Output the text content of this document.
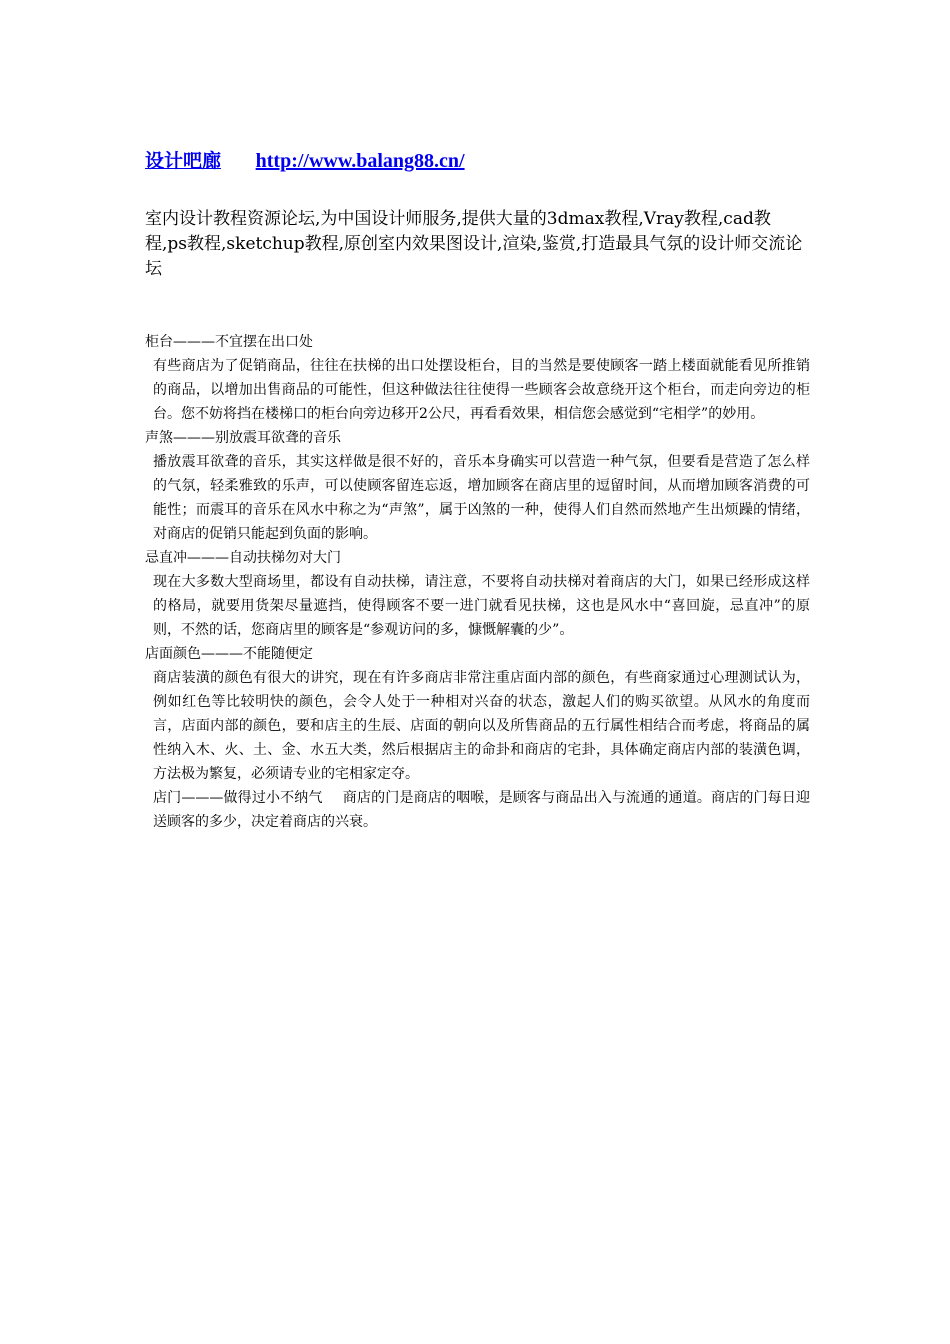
设计吧廊 http://www.balang88.cn/
室内设计教程资源论坛,为中国设计师服务,提供大量的3dmax教程,Vray教程,cad教程,ps教程,sketchup教程,原创室内效果图设计,渲染,鉴赏,打造最具气氛的设计师交流论坛

柜台———不宜摆在出口处

有些商店为了促销商品，往往在扶梯的出口处摆设柜台，目的当然是要使顾客一踏上楼面就能看见所推销的商品，以增加出售商品的可能性，但这种做法往往使得一些顾客会故意绕开这个柜台，而走向旁边的柜台。您不妨将挡在楼梯口的柜台向旁边移开2公尺，再看看效果，相信您会感觉到“宅相学”的妙用。

声煞———别放震耳欲聋的音乐

播放震耳欲聋的音乐，其实这样做是很不好的，音乐本身确实可以营造一种气氛，但要看是营造了怎么样的气氛，轻柔雅致的乐声，可以使顾客留连忘返，增加顾客在商店里的逗留时间，从而增加顾客消费的可能性；而震耳的音乐在风水中称之为“声煞”，属于凶煞的一种，使得人们自然而然地产生出烦躁的情绪，对商店的促销只能起到负面的影响。

忌直冲———自动扶梯勿对大门

现在大多数大型商场里，都设有自动扶梯，请注意，不要将自动扶梯对着商店的大门，如果已经形成这样的格局，就要用货架尽量遮挡，使得顾客不要一进门就看见扶梯，这也是风水中“喜回旋，忌直冲”的原则，不然的话，您商店里的顾客是“参观访问的多，慷慨解囊的少”。

店面颜色———不能随便定

商店装潢的颜色有很大的讲究，现在有许多商店非常注重店面内部的颜色，有些商家通过心理测试认为，例如红色等比较明快的颜色，会令人处于一种相对兴奋的状态，激起人们的购买欲望。从风水的角度而言，店面内部的颜色，要和店主的生辰、店面的朝向以及所售商品的五行属性相结合而考虑，将商品的属性纳入木、火、土、金、水五大类，然后根据店主的命卦和商店的宅卦，具体确定商店内部的装潢色调，方法极为繁复，必须请专业的宅相家定夺。

店门———做得过小不纳气 商店的门是商店的咽喉，是顾客与商品出入与流通的通道。商店的门每日迎送顾客的多少，决定着商店的兴衰。
